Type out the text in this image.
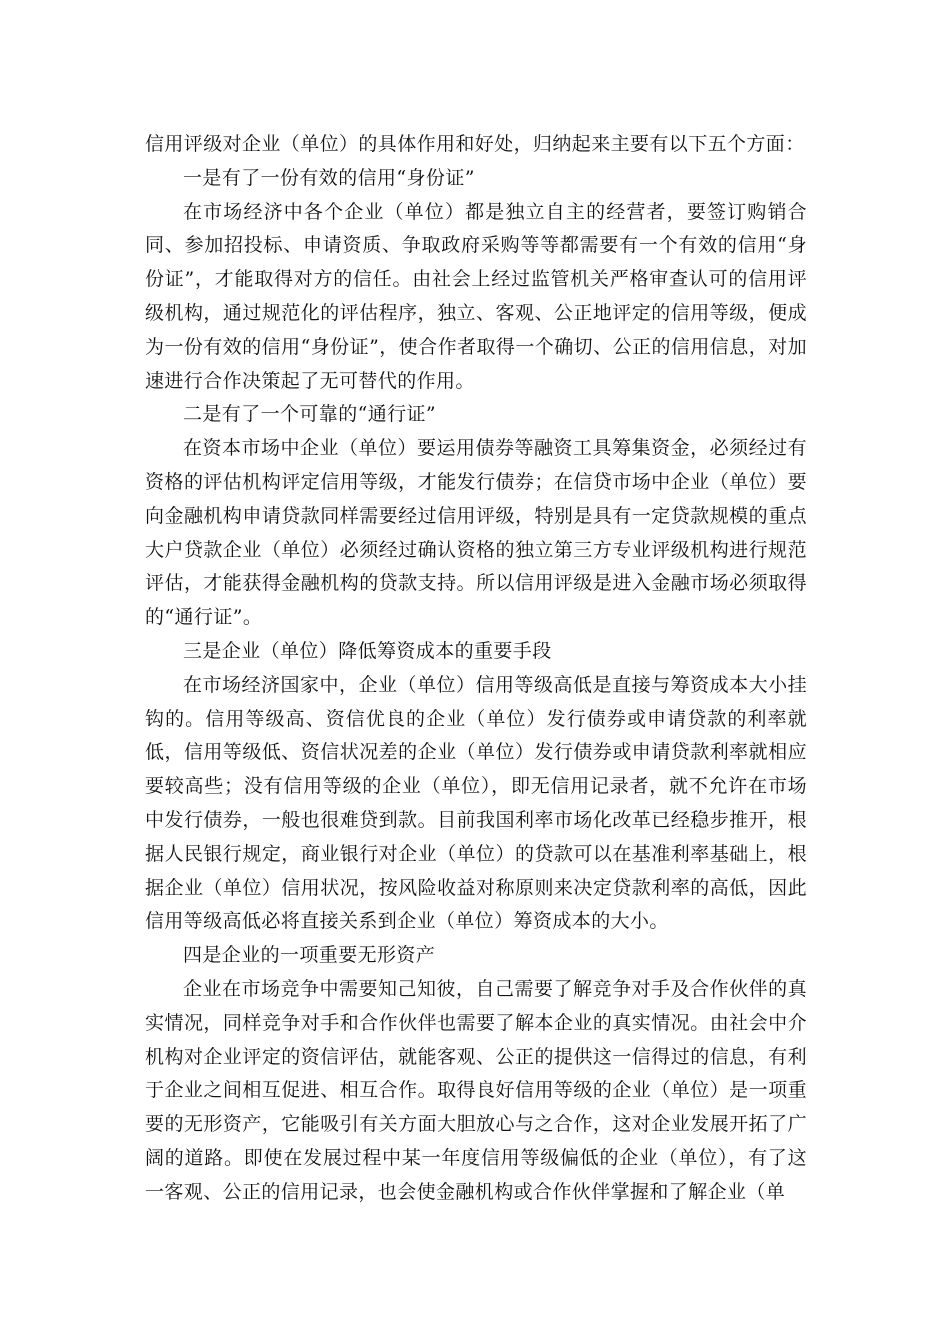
信用评级对企业（单位）的具体作用和好处，归纳起来主要有以下五个方面：

一是有了一份有效的信用“身份证”

在市场经济中各个企业（单位）都是独立自主的经营者，要签订购销合同、参加招投标、申请资质、争取政府采购等等都需要有一个有效的信用“身份证”，才能取得对方的信任。由社会上经过监管机关严格审查认可的信用评级机构，通过规范化的评估程序，独立、客观、公正地评定的信用等级，便成为一份有效的信用“身份证”，使合作者取得一个确切、公正的信用信息，对加速进行合作决策起了无可替代的作用。

二是有了一个可靠的“通行证”

在资本市场中企业（单位）要运用债券等融资工具筹集资金，必须经过有资格的评估机构评定信用等级，才能发行债券；在信贷市场中企业（单位）要向金融机构申请贷款同样需要经过信用评级，特别是具有一定贷款规模的重点大户贷款企业（单位）必须经过确认资格的独立第三方专业评级机构进行规范评估，才能获得金融机构的贷款支持。所以信用评级是进入金融市场必须取得的“通行证”。

三是企业（单位）降低筹资成本的重要手段

在市场经济国家中，企业（单位）信用等级高低是直接与筹资成本大小挂钩的。信用等级高、资信优良的企业（单位）发行债券或申请贷款的利率就低，信用等级低、资信状况差的企业（单位）发行债券或申请贷款利率就相应要较高些；没有信用等级的企业（单位），即无信用记录者，就不允许在市场中发行债券，一般也很难贷到款。目前我国利率市场化改革已经稳步推开，根据人民银行规定，商业银行对企业（单位）的贷款可以在基准利率基础上，根据企业（单位）信用状况，按风险收益对称原则来决定贷款利率的高低，因此信用等级高低必将直接关系到企业（单位）筹资成本的大小。

四是企业的一项重要无形资产

企业在市场竞争中需要知己知彼，自己需要了解竞争对手及合作伙伴的真实情况，同样竞争对手和合作伙伴也需要了解本企业的真实情况。由社会中介机构对企业评定的资信评估，就能客观、公正的提供这一信得过的信息，有利于企业之间相互促进、相互合作。取得良好信用等级的企业（单位）是一项重要的无形资产，它能吸引有关方面大胆放心与之合作，这对企业发展开拓了广阔的道路。即使在发展过程中某一年度信用等级偏低的企业（单位），有了这一客观、公正的信用记录，也会使金融机构或合作伙伴掌握和了解企业（单
